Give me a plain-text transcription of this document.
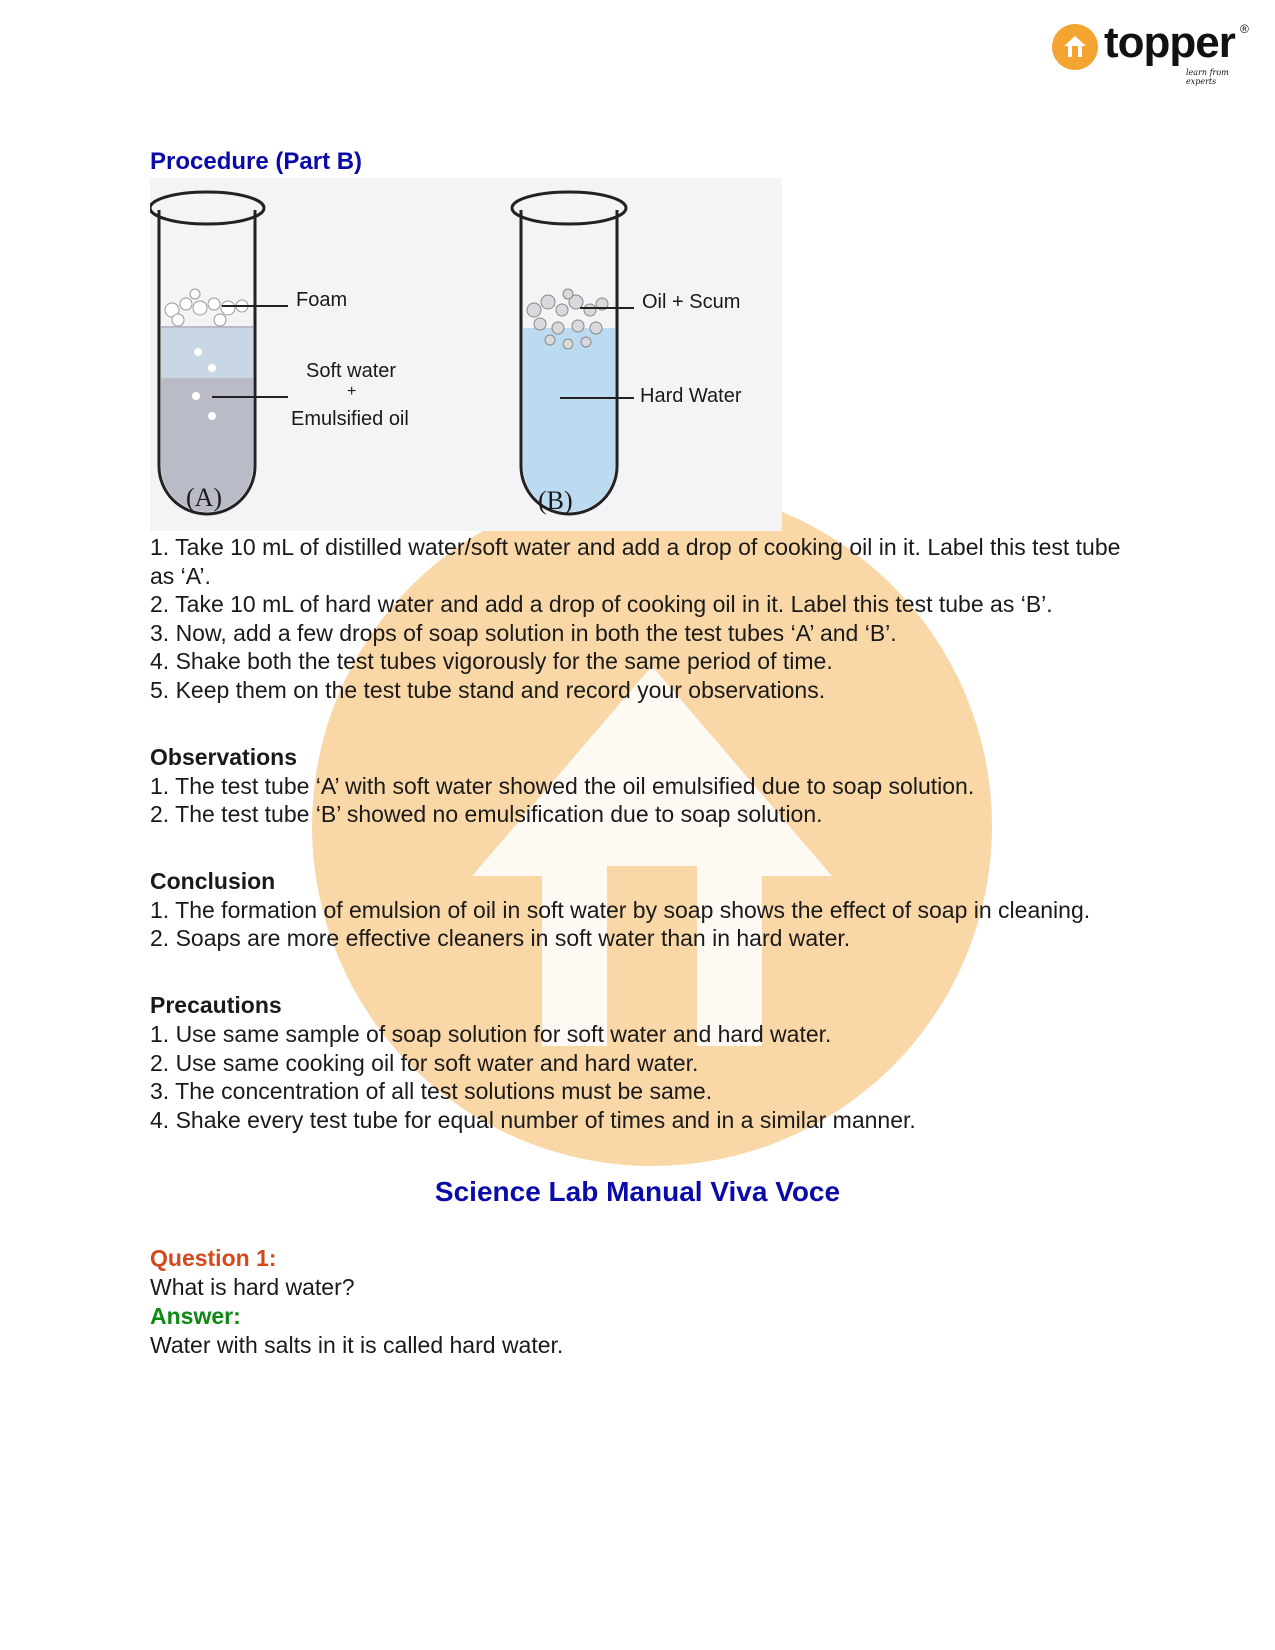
topper ®
learn from experts
Procedure (Part B)
Foam
Soft water
+
Emulsified oil
Oil + Scum
Hard Water
(A)	(B)
1. Take 10 mL of distilled water/soft water and add a drop of cooking oil in it. Label this test tube as ‘A’.
2. Take 10 mL of hard water and add a drop of cooking oil in it. Label this test tube as ‘B’.
3. Now, add a few drops of soap solution in both the test tubes ‘A’ and ‘B’.
4. Shake both the test tubes vigorously for the same period of time.
5. Keep them on the test tube stand and record your observations.
Observations
1. The test tube ‘A’ with soft water showed the oil emulsified due to soap solution.
2. The test tube ‘B’ showed no emulsification due to soap solution.
Conclusion
1. The formation of emulsion of oil in soft water by soap shows the effect of soap in cleaning.
2. Soaps are more effective cleaners in soft water than in hard water.
Precautions
1. Use same sample of soap solution for soft water and hard water.
2. Use same cooking oil for soft water and hard water.
3. The concentration of all test solutions must be same.
4. Shake every test tube for equal number of times and in a similar manner.
Science Lab Manual Viva Voce

Question 1:

What is hard water?

Answer:

Water with salts in it is called hard water.
